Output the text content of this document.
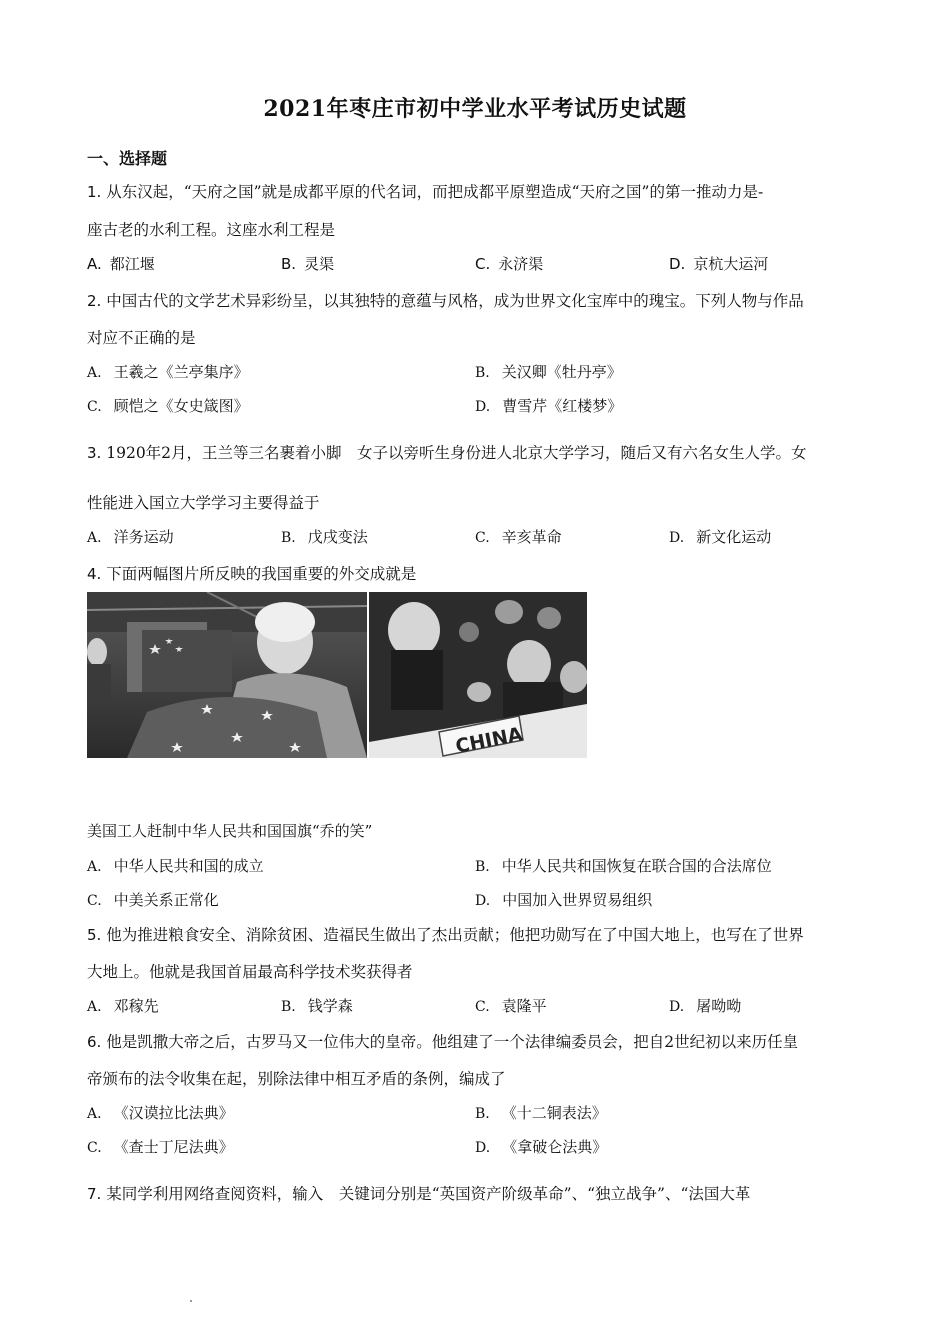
2021年枣庄市初中学业水平考试历史试题
一、选择题
1. 从东汉起，“天府之国”就是成都平原的代名词，而把成都平原塑造成“天府之国”的第一推动力是-
座古老的水利工程。这座水利工程是
A. 都江堰	B. 灵渠	C. 永济渠	D. 京杭大运河
2. 中国古代的文学艺术异彩纷呈，以其独特的意蕴与风格，成为世界文化宝库中的瑰宝。下列人物与作品
对应不正确的是
A. 王羲之《兰亭集序》	B. 关汉卿《牡丹亭》
C. 顾恺之《女史箴图》	D. 曹雪芹《红楼梦》
3. 1920年2月，王兰等三名裹着小脚　女子以旁听生身份进人北京大学学习，随后又有六名女生人学。女
性能进入国立大学学习主要得益于
A. 洋务运动	B. 戊戌变法	C. 辛亥革命	D. 新文化运动
4. 下面两幅图片所反映的我国重要的外交成就是
CHINA
美国工人赶制中华人民共和国国旗“乔的笑”
A. 中华人民共和国的成立	B. 中华人民共和国恢复在联合国的合法席位
C. 中美关系正常化	D. 中国加入世界贸易组织
5. 他为推进粮食安全、消除贫困、造福民生做出了杰出贡献；他把功勋写在了中国大地上，也写在了世界
大地上。他就是我国首届最高科学技术奖获得者
A. 邓稼先	B. 钱学森	C. 袁隆平	D. 屠呦呦
6. 他是凯撒大帝之后，古罗马又一位伟大的皇帝。他组建了一个法律编委员会，把自2世纪初以来历任皇
帝颁布的法令收集在起，别除法律中相互矛盾的条例，编成了
A. 《汉谟拉比法典》	B. 《十二铜表法》
C. 《查士丁尼法典》	D. 《拿破仑法典》
7. 某同学利用网络查阅资料，输入　关键词分别是“英国资产阶级革命”、“独立战争”、“法国大革
